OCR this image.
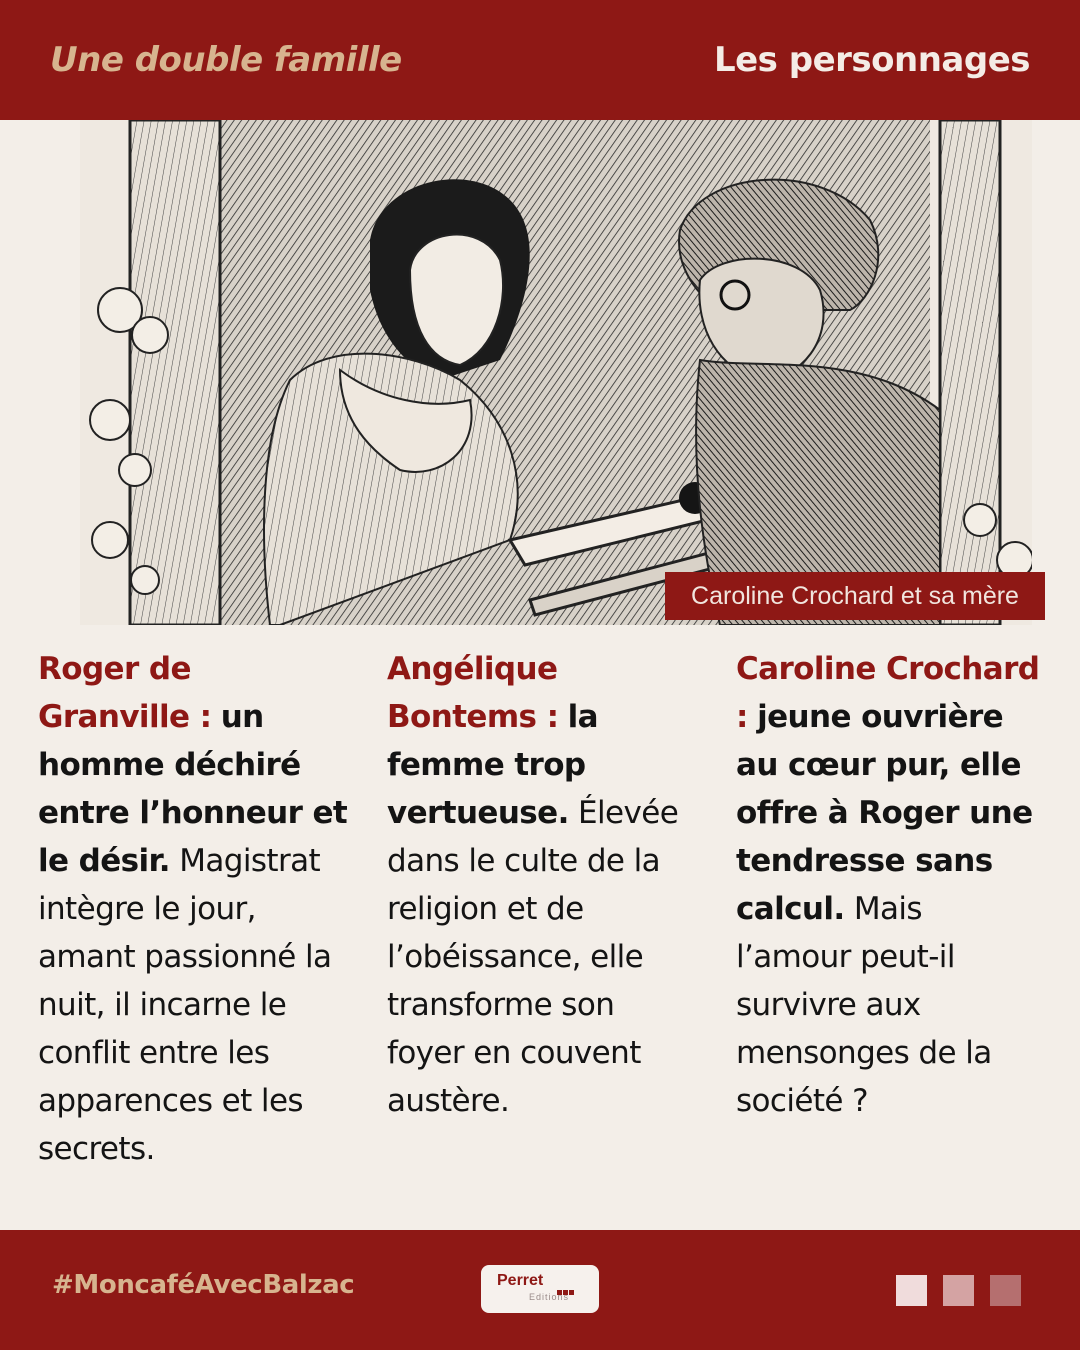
Une double famille	Les personnages
Caroline Crochard et sa mère
Roger de Granville : un homme déchiré entre l’honneur et le désir. Magistrat intègre le jour, amant passionné la nuit, il incarne le conflit entre les apparences et les secrets.
Angélique Bontems : la femme trop vertueuse. Élevée dans le culte de la religion et de l’obéissance, elle transforme son foyer en couvent austère.
Caroline Crochard : jeune ouvrière au cœur pur, elle offre à Roger une tendresse sans calcul. Mais l’amour peut-il survivre aux mensonges de la société ?
#MoncaféAvecBalzac	Perret
Editions
